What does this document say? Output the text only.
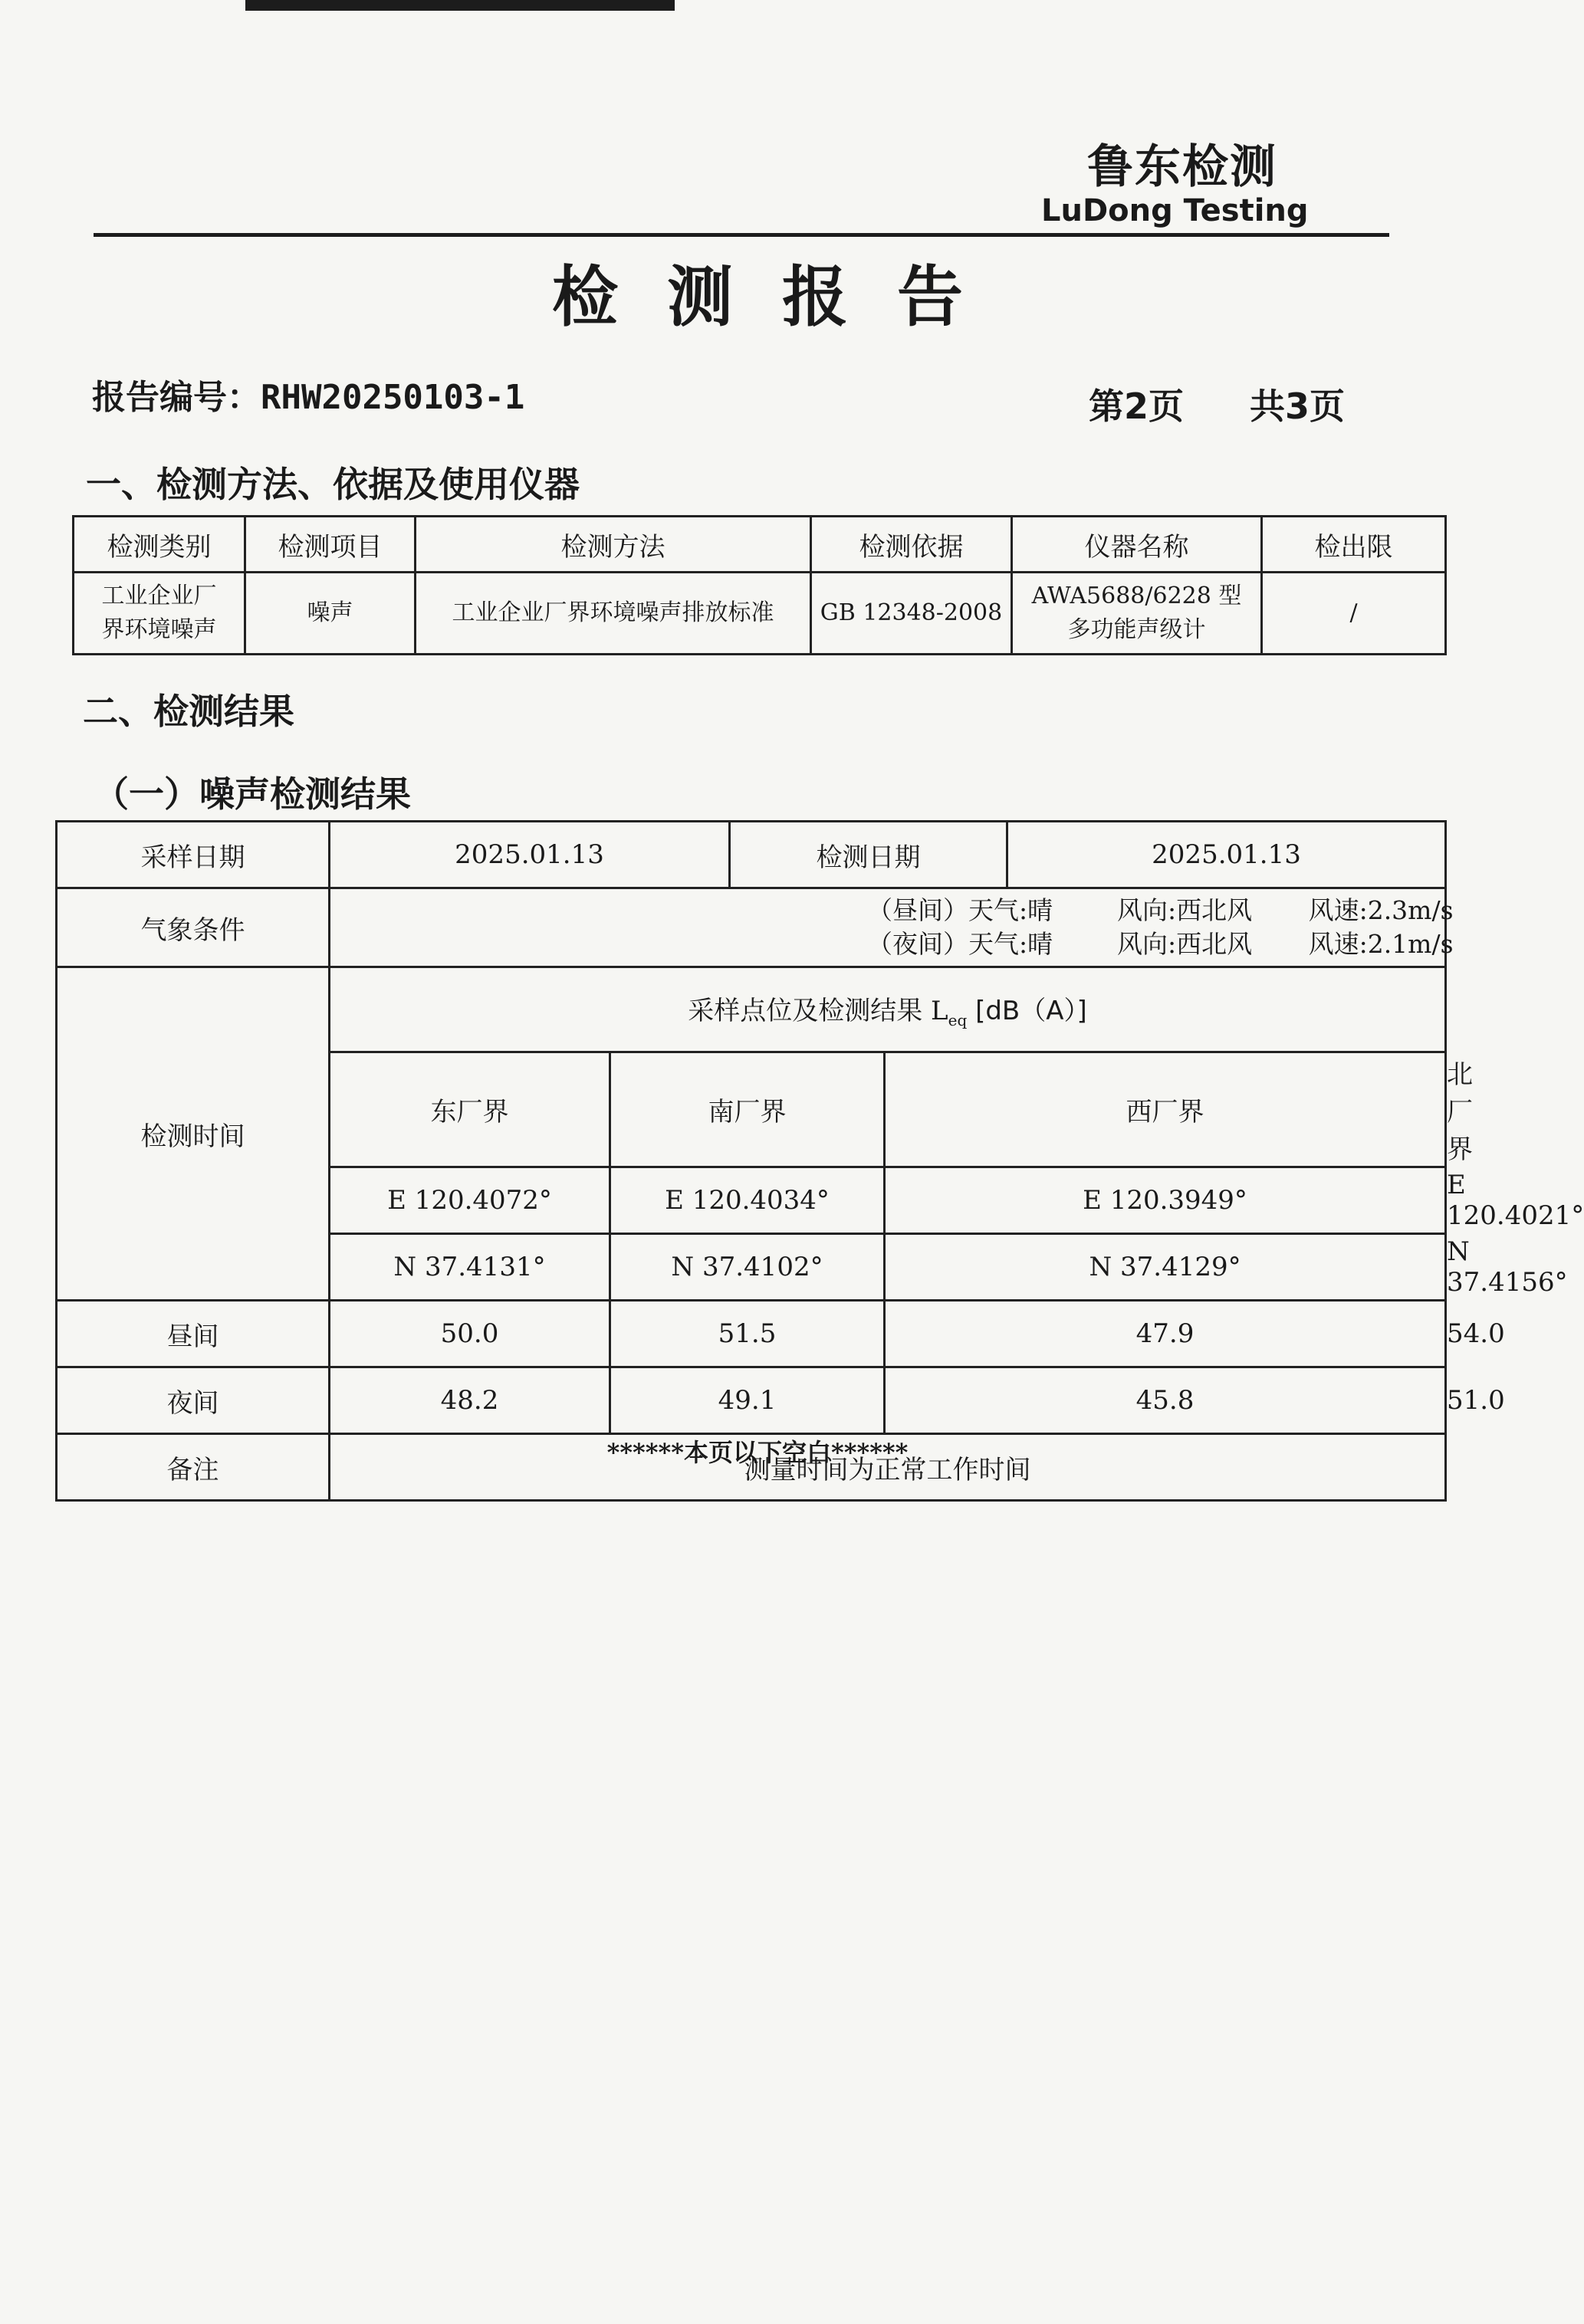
鲁东检测
LuDong Testing
检测报告
报告编号：RHW20250103-1	第2页 共3页
一、检测方法、依据及使用仪器
检测类别	检测项目	检测方法	检测依据	仪器名称	检出限
工业企业厂界环境噪声	噪声	工业企业厂界环境噪声排放标准	GB 12348-2008	AWA5688/6228 型多功能声级计	/
二、检测结果
（一）噪声检测结果
采样日期	2025.01.13		检测日期		2025.01.13	
气象条件	（昼间）天气:晴        风向:西北风       风速:2.3m/s
（夜间）天气:晴        风向:西北风       风速:2.1m/s					

检测时间	采样点位及检测结果 $L_{eq}$ [dB（A）]					
	东厂界	南厂界		西厂界		北厂界
	E 120.4072°	E 120.4034°		E 120.3949°		E 120.4021°
	N 37.4131°	N 37.4102°		N 37.4129°		N 37.4156°
昼间	50.0	51.5		47.9		54.0
夜间	48.2	49.1		45.8		51.0
备注	测量时间为正常工作时间					
******本页以下空白******
